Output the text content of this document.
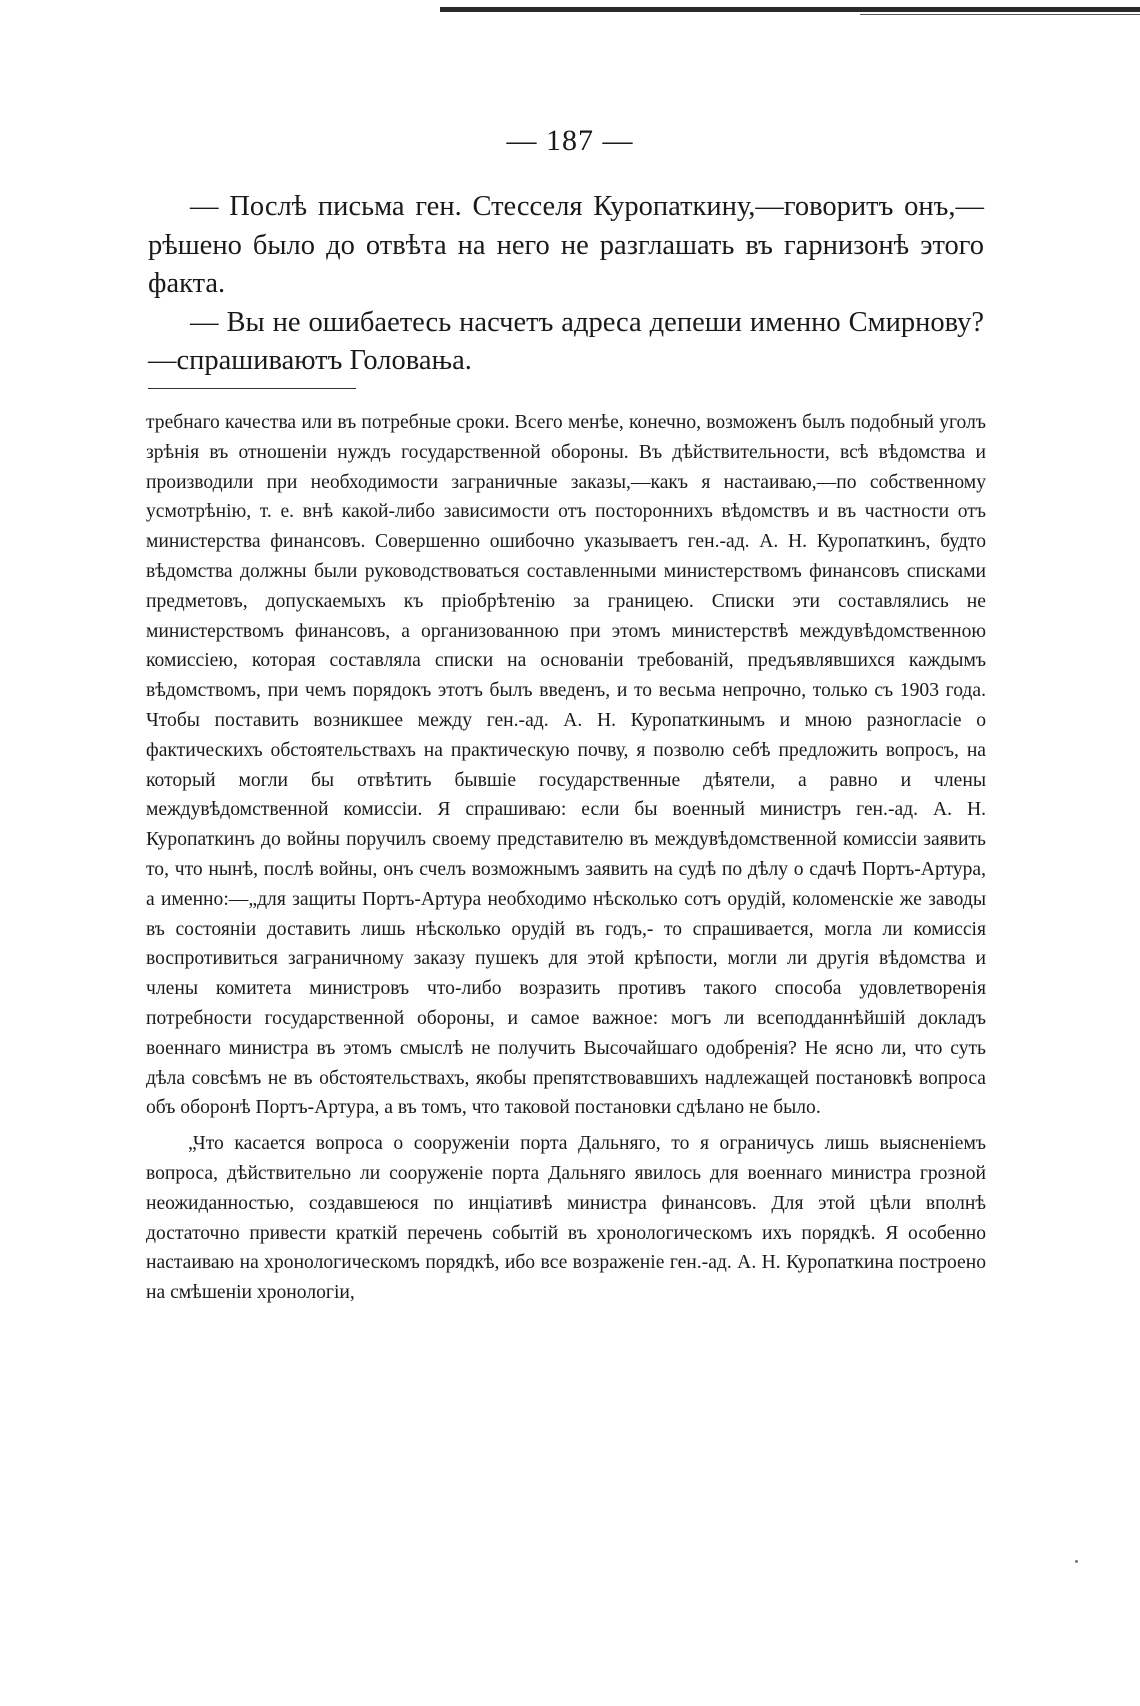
— 187 —

— Послѣ письма ген. Стесселя Куропаткину,—говоритъ онъ,—рѣшено было до отвѣта на него не разглашать въ гарнизонѣ этого факта.

— Вы не ошибаетесь насчетъ адреса депеши именно Смирнову?—спрашиваютъ Головања.

требнаго качества или въ потребные сроки. Всего менѣе, конечно, возможенъ былъ подобный уголъ зрѣнія въ отношеніи нуждъ государственной обороны. Въ дѣйствительности, всѣ вѣдомства и производили при необходимости заграничные заказы,—какъ я настаиваю,—по собственному усмотрѣнію, т. е. внѣ какой-либо зависимости отъ постороннихъ вѣдомствъ и въ частности отъ министерства финансовъ. Совершенно ошибочно указываетъ ген.-ад. А. Н. Куропаткинъ, будто вѣдомства должны были руководствоваться составленными министерствомъ финансовъ списками предметовъ, допускаемыхъ къ пріобрѣтенію за границею. Списки эти составлялись не министерствомъ финансовъ, а организованною при этомъ министерствѣ междувѣдомственною комиссіею, которая составляла списки на основаніи требованій, предъявлявшихся каждымъ вѣдомствомъ, при чемъ порядокъ этотъ былъ введенъ, и то весьма непрочно, только съ 1903 года. Чтобы поставить возникшее между ген.-ад. А. Н. Куропаткинымъ и мною разногласіе о фактическихъ обстоятельствахъ на практическую почву, я позволю себѣ предложить вопросъ, на который могли бы отвѣтить бывшіе государственные дѣятели, а равно и члены междувѣдомственной комиссіи. Я спрашиваю: если бы военный министръ ген.-ад. А. Н. Куропаткинъ до войны поручилъ своему представителю въ междувѣдомственной комиссіи заявить то, что нынѣ, послѣ войны, онъ счелъ возможнымъ заявить на судѣ по дѣлу о сдачѣ Портъ-Артура, а именно:—„для защиты Портъ-Артура необходимо нѣсколько сотъ орудій, коломенскіе же заводы въ состояніи доставить лишь нѣсколько орудій въ годъ,- то спрашивается, могла ли комиссія воспротивиться заграничному заказу пушекъ для этой крѣпости, могли ли другія вѣдомства и члены комитета министровъ что-либо возразить противъ такого способа удовлетворенія потребности государственной обороны, и самое важное: могъ ли всеподданнѣйшій докладъ военнаго министра въ этомъ смыслѣ не получить Высочайшаго одобренія? Не ясно ли, что суть дѣла совсѣмъ не въ обстоятельствахъ, якобы препятствовавшихъ надлежащей постановкѣ вопроса объ оборонѣ Портъ-Артура, а въ томъ, что таковой постановки сдѣлано не было.

„Что касается вопроса о сооруженіи порта Дальняго, то я ограничусь лишь выясненіемъ вопроса, дѣйствительно ли сооруженіе порта Дальняго явилось для военнаго министра грозной неожиданностью, создавшеюся по инціативѣ министра финансовъ. Для этой цѣли вполнѣ достаточно привести краткій перечень событій въ хронологическомъ ихъ порядкѣ. Я особенно настаиваю на хронологическомъ порядкѣ, ибо все возраженіе ген.-ад. А. Н. Куропаткина построено на смѣшеніи хронологіи,
